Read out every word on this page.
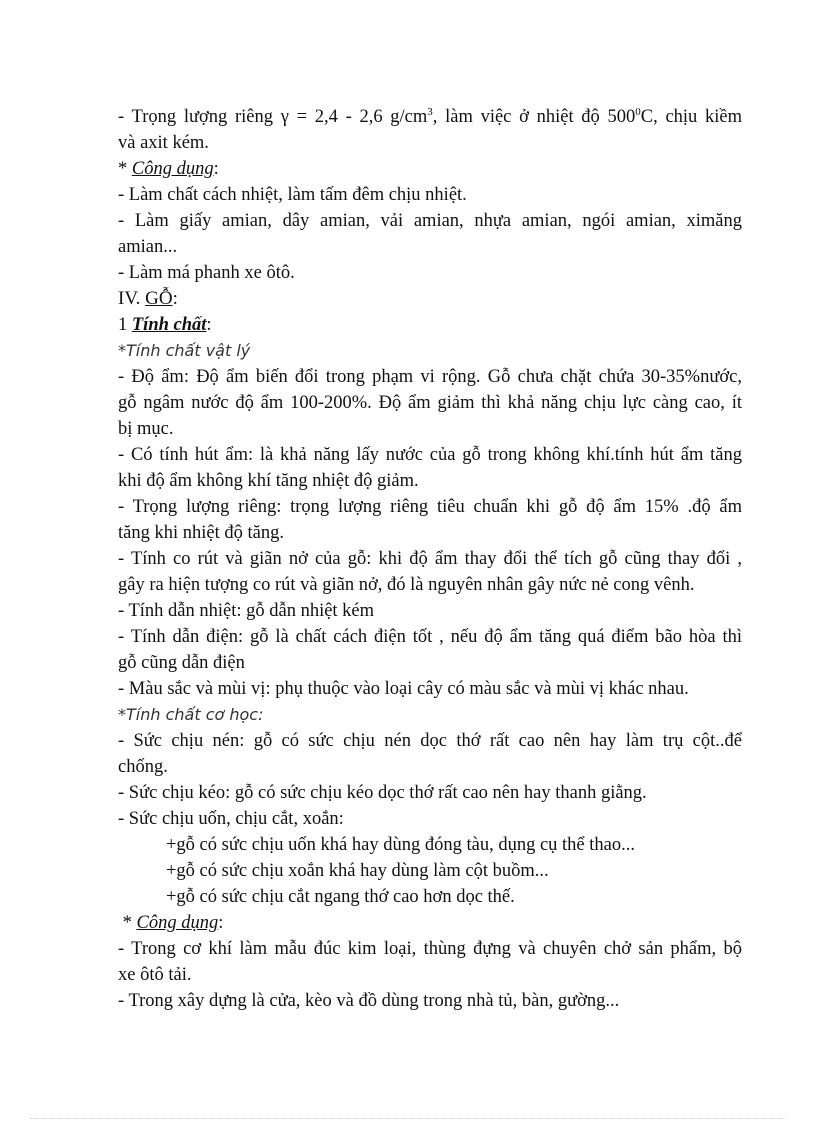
- Trọng lượng riêng γ = 2,4 - 2,6 $g/cm^3$, làm việc ở nhiệt độ $500^0C$, chịu kiềm
và axit kém.
* Công dụng:
- Làm chất cách nhiệt, làm tấm đêm chịu nhiệt.
- Làm giấy amian, dây amian, vải amian, nhựa amian, ngói amian, ximăng
amian...
- Làm má phanh xe ôtô.
IV. GỖ:
1 Tính chất:
*Tính chất vật lý
- Độ ẩm: Độ ẩm biến đổi trong phạm vi rộng. Gỗ chưa chặt chứa 30-35%nước,
gỗ ngâm nước độ ẩm 100-200%. Độ ẩm giảm thì khả năng chịu lực càng cao, ít
bị mục.
- Có tính hút ẩm: là khả năng lấy nước của gỗ trong không khí.tính hút ẩm tăng
khi độ ẩm không khí tăng nhiệt độ giảm.
- Trọng lượng riêng: trọng lượng riêng tiêu chuẩn khi gỗ độ ẩm 15% .độ ẩm
tăng khi nhiệt độ tăng.
- Tính co rút và giãn nở của gỗ: khi độ ẩm thay đổi thể tích gỗ cũng thay đổi ,
gây ra hiện tượng co rút và giãn nở, đó là nguyên nhân gây nức nẻ cong vênh.
- Tính dẫn nhiệt: gỗ dẫn nhiệt kém
- Tính dẫn điện: gỗ là chất cách điện tốt , nếu độ ẩm tăng quá điểm bão hòa thì
gỗ cũng dẫn điện
- Màu sắc và mùi vị: phụ thuộc vào loại cây có màu sắc và mùi vị khác nhau.
*Tính chất cơ học:
- Sức chịu nén: gỗ có sức chịu nén dọc thớ rất cao nên hay làm trụ cột..để
chống.
- Sức chịu kéo: gỗ có sức chịu kéo dọc thớ rất cao nên hay thanh giằng.
- Sức chịu uốn, chịu cắt, xoắn:
+gỗ có sức chịu uốn khá hay dùng đóng tàu, dụng cụ thể thao...
+gỗ có sức chịu xoắn khá hay dùng làm cột buồm...
+gỗ có sức chịu cắt ngang thớ cao hơn dọc thế.
* Công dụng:
- Trong cơ khí làm mẫu đúc kim loại, thùng đựng và chuyên chở sản phẩm, bộ
xe ôtô tải.
- Trong xây dựng là cửa, kèo và đồ dùng trong nhà tủ, bàn, gường...
